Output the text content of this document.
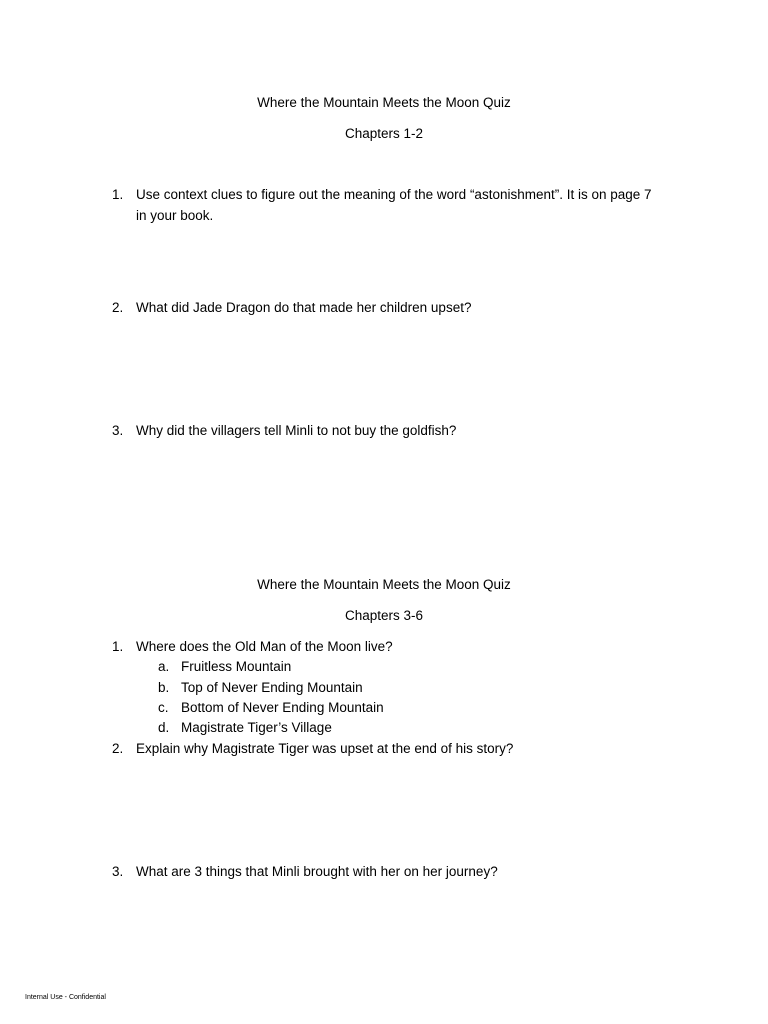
Where the Mountain Meets the Moon Quiz
Chapters 1-2
1. Use context clues to figure out the meaning of the word “astonishment”. It is on page 7
in your book.
2. What did Jade Dragon do that made her children upset?
3. Why did the villagers tell Minli to not buy the goldfish?
Where the Mountain Meets the Moon Quiz
Chapters 3-6
1. Where does the Old Man of the Moon live?
a. Fruitless Mountain
b. Top of Never Ending Mountain
c. Bottom of Never Ending Mountain
d. Magistrate Tiger’s Village
2. Explain why Magistrate Tiger was upset at the end of his story?
3. What are 3 things that Minli brought with her on her journey?
Internal Use - Confidential
